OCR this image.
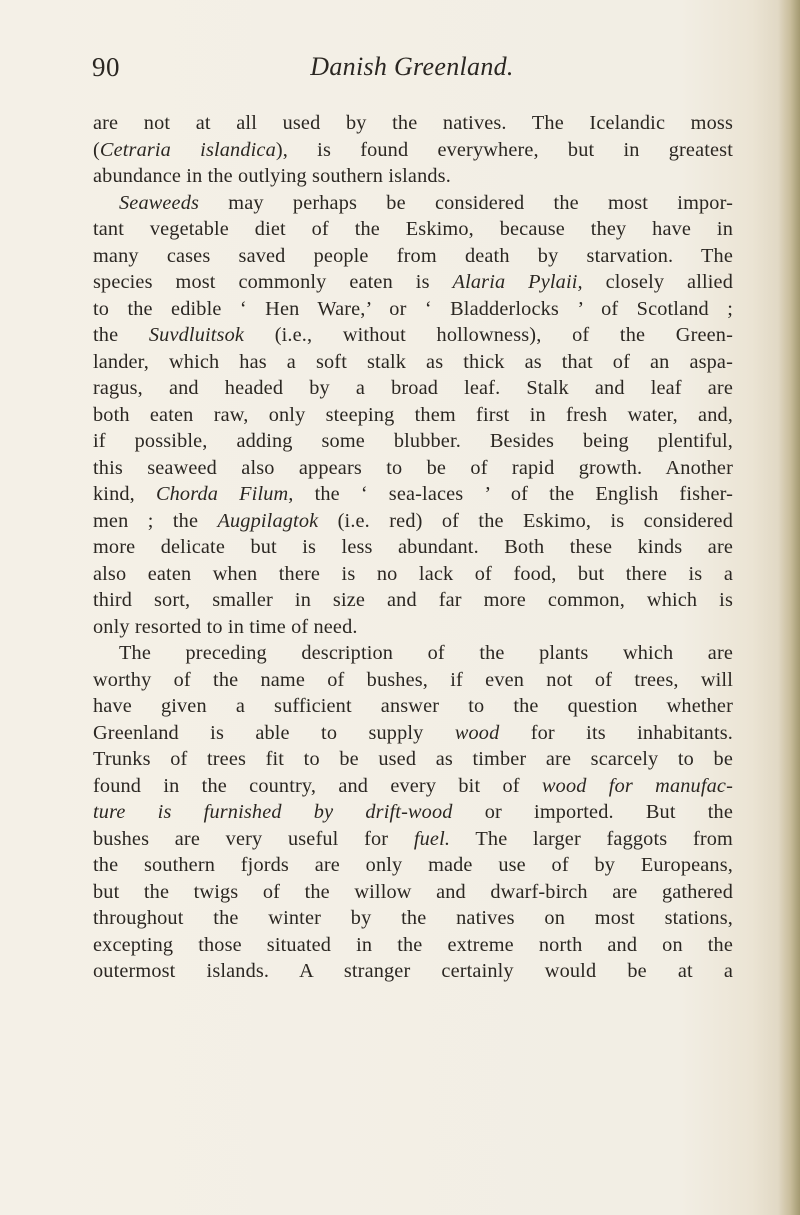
90	Danish Greenland.
are not at all used by the natives. The Icelandic moss
(Cetraria islandica), is found everywhere, but in greatest
abundance in the outlying southern islands.
Seaweeds may perhaps be considered the most impor-
tant vegetable diet of the Eskimo, because they have in
many cases saved people from death by starvation. The
species most commonly eaten is Alaria Pylaii, closely allied
to the edible ‘ Hen Ware,’ or ‘ Bladderlocks ’ of Scotland ;
the Suvdluitsok (i.e., without hollowness), of the Green-
lander, which has a soft stalk as thick as that of an aspa-
ragus, and headed by a broad leaf. Stalk and leaf are
both eaten raw, only steeping them first in fresh water, and,
if possible, adding some blubber. Besides being plentiful,
this seaweed also appears to be of rapid growth. Another
kind, Chorda Filum, the ‘ sea-laces ’ of the English fisher-
men ; the Augpilagtok (i.e. red) of the Eskimo, is considered
more delicate but is less abundant. Both these kinds are
also eaten when there is no lack of food, but there is a
third sort, smaller in size and far more common, which is
only resorted to in time of need.
The preceding description of the plants which are
worthy of the name of bushes, if even not of trees, will
have given a sufficient answer to the question whether
Greenland is able to supply wood for its inhabitants.
Trunks of trees fit to be used as timber are scarcely to be
found in the country, and every bit of wood for manufac-
ture is furnished by drift-wood or imported. But the
bushes are very useful for fuel. The larger faggots from
the southern fjords are only made use of by Europeans,
but the twigs of the willow and dwarf-birch are gathered
throughout the winter by the natives on most stations,
excepting those situated in the extreme north and on the
outermost islands. A stranger certainly would be at a
